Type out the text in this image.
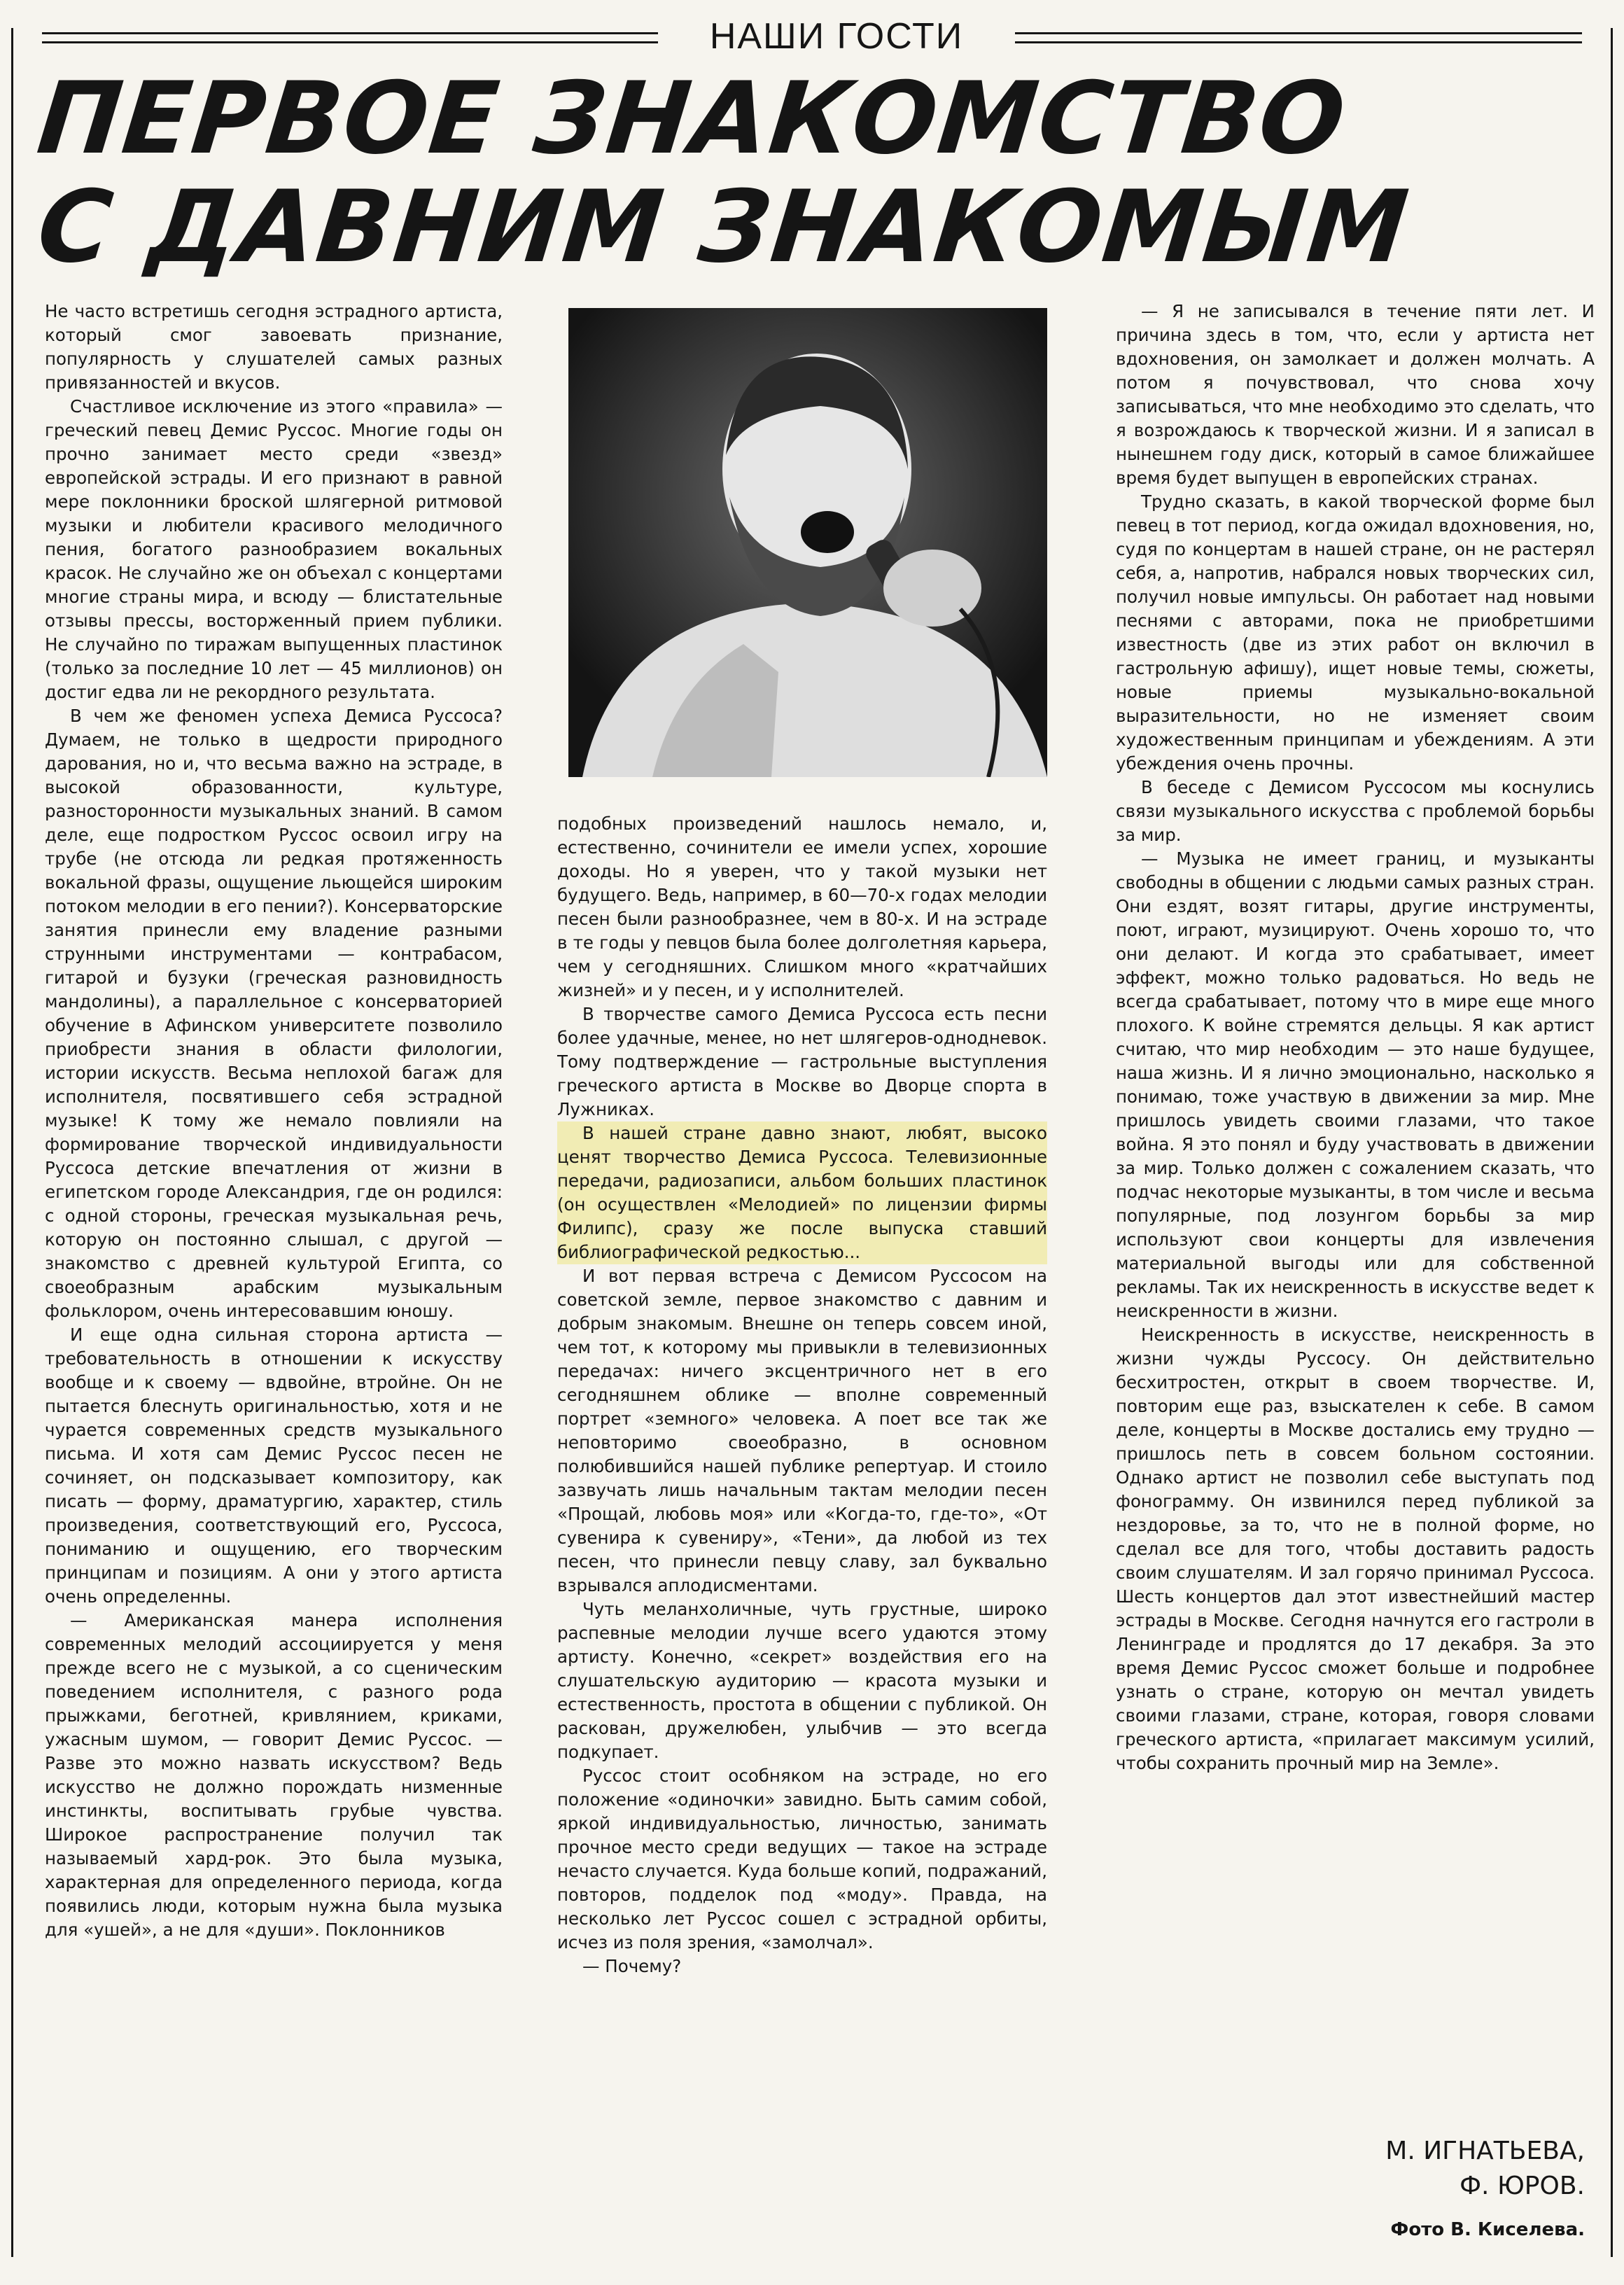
НАШИ ГОСТИ
ПЕРВОЕ ЗНАКОМСТВО
С ДАВНИМ ЗНАКОМЫМ

Не часто встретишь сегодня эстрадного артиста, который смог завоевать признание, популярность у слушателей самых разных привязанностей и вкусов.

Счастливое исключение из этого «правила» — греческий певец Демис Руссос. Многие годы он прочно занимает место среди «звезд» европейской эстрады. И его признают в равной мере поклонники броской шлягерной ритмовой музыки и любители красивого мелодичного пения, богатого разнообразием вокальных красок. Не случайно же он объехал с концертами многие страны мира, и всюду — блистательные отзывы прессы, восторженный прием публики. Не случайно по тиражам выпущенных пластинок (только за последние 10 лет — 45 миллионов) он достиг едва ли не рекордного результата.

В чем же феномен успеха Демиса Руссоса? Думаем, не только в щедрости природного дарования, но и, что весьма важно на эстраде, в высокой образованности, культуре, разносторонности музыкальных знаний. В самом деле, еще подростком Руссос освоил игру на трубе (не отсюда ли редкая протяженность вокальной фразы, ощущение льющейся широким потоком мелодии в его пении?). Консерваторские занятия принесли ему владение разными струнными инструментами — контрабасом, гитарой и бузуки (греческая разновидность мандолины), а параллельное с консерваторией обучение в Афинском университете позволило приобрести знания в области филологии, истории искусств. Весьма неплохой багаж для исполнителя, посвятившего себя эстрадной музыке! К тому же немало повлияли на формирование творческой индивидуальности Руссоса детские впечатления от жизни в египетском городе Александрия, где он родился: с одной стороны, греческая музыкальная речь, которую он постоянно слышал, с другой — знакомство с древней культурой Египта, со своеобразным арабским музыкальным фольклором, очень интересовавшим юношу.

И еще одна сильная сторона артиста — требовательность в отношении к искусству вообще и к своему — вдвойне, втройне. Он не пытается блеснуть оригинальностью, хотя и не чурается современных средств музыкального письма. И хотя сам Демис Руссос песен не сочиняет, он подсказывает композитору, как писать — форму, драматургию, характер, стиль произведения, соответствующий его, Руссоса, пониманию и ощущению, его творческим принципам и позициям. А они у этого артиста очень определенны.

— Американская манера исполнения современных мелодий ассоциируется у меня прежде всего не с музыкой, а со сценическим поведением исполнителя, с разного рода прыжками, беготней, кривлянием, криками, ужасным шумом, — говорит Демис Руссос. — Разве это можно назвать искусством? Ведь искусство не должно порождать низменные инстинкты, воспитывать грубые чувства. Широкое распространение получил так называемый хард-рок. Это была музыка, характерная для определенного периода, когда появились люди, которым нужна была музыка для «ушей», а не для «души». Поклонников

подобных произведений нашлось немало, и, естественно, сочинители ее имели успех, хорошие доходы. Но я уверен, что у такой музыки нет будущего. Ведь, например, в 60—70-х годах мелодии песен были разнообразнее, чем в 80-х. И на эстраде в те годы у певцов была более долголетняя карьера, чем у сегодняшних. Слишком много «кратчайших жизней» и у песен, и у исполнителей.

В творчестве самого Демиса Руссоса есть песни более удачные, менее, но нет шлягеров-однодневок. Тому подтверждение — гастрольные выступления греческого артиста в Москве во Дворце спорта в Лужниках.

В нашей стране давно знают, любят, высоко ценят творчество Демиса Руссоса. Телевизионные передачи, радиозаписи, альбом больших пластинок (он осуществлен «Мелодией» по лицензии фирмы Филипс), сразу же после выпуска ставший библиографической редкостью...

И вот первая встреча с Демисом Руссосом на советской земле, первое знакомство с давним и добрым знакомым. Внешне он теперь совсем иной, чем тот, к которому мы привыкли в телевизионных передачах: ничего эксцентричного нет в его сегодняшнем облике — вполне современный портрет «земного» человека. А поет все так же неповторимо своеобразно, в основном полюбившийся нашей публике репертуар. И стоило зазвучать лишь начальным тактам мелодии песен «Прощай, любовь моя» или «Когда-то, где-то», «От сувенира к сувениру», «Тени», да любой из тех песен, что принесли певцу славу, зал буквально взрывался аплодисментами.

Чуть меланхоличные, чуть грустные, широко распевные мелодии лучше всего удаются этому артисту. Конечно, «секрет» воздействия его на слушательскую аудиторию — красота музыки и естественность, простота в общении с публикой. Он раскован, дружелюбен, улыбчив — это всегда подкупает.

Руссос стоит особняком на эстраде, но его положение «одиночки» завидно. Быть самим собой, яркой индивидуальностью, личностью, занимать прочное место среди ведущих — такое на эстраде нечасто случается. Куда больше копий, подражаний, повторов, подделок под «моду». Правда, на несколько лет Руссос сошел с эстрадной орбиты, исчез из поля зрения, «замолчал».

— Почему?

— Я не записывался в течение пяти лет. И причина здесь в том, что, если у артиста нет вдохновения, он замолкает и должен молчать. А потом я почувствовал, что снова хочу записываться, что мне необходимо это сделать, что я возрождаюсь к творческой жизни. И я записал в нынешнем году диск, который в самое ближайшее время будет выпущен в европейских странах.

Трудно сказать, в какой творческой форме был певец в тот период, когда ожидал вдохновения, но, судя по концертам в нашей стране, он не растерял себя, а, напротив, набрался новых творческих сил, получил новые импульсы. Он работает над новыми песнями с авторами, пока не приобретшими известность (две из этих работ он включил в гастрольную афишу), ищет новые темы, сюжеты, новые приемы музыкально-вокальной выразительности, но не изменяет своим художественным принципам и убеждениям. А эти убеждения очень прочны.

В беседе с Демисом Руссосом мы коснулись связи музыкального искусства с проблемой борьбы за мир.

— Музыка не имеет границ, и музыканты свободны в общении с людьми самых разных стран. Они ездят, возят гитары, другие инструменты, поют, играют, музицируют. Очень хорошо то, что они делают. И когда это срабатывает, имеет эффект, можно только радоваться. Но ведь не всегда срабатывает, потому что в мире еще много плохого. К войне стремятся дельцы. Я как артист считаю, что мир необходим — это наше будущее, наша жизнь. И я лично эмоционально, насколько я понимаю, тоже участвую в движении за мир. Мне пришлось увидеть своими глазами, что такое война. Я это понял и буду участвовать в движении за мир. Только должен с сожалением сказать, что подчас некоторые музыканты, в том числе и весьма популярные, под лозунгом борьбы за мир используют свои концерты для извлечения материальной выгоды или для собственной рекламы. Так их неискренность в искусстве ведет к неискренности в жизни.

Неискренность в искусстве, неискренность в жизни чужды Руссосу. Он действительно бесхитростен, открыт в своем творчестве. И, повторим еще раз, взыскателен к себе. В самом деле, концерты в Москве достались ему трудно — пришлось петь в совсем больном состоянии. Однако артист не позволил себе выступать под фонограмму. Он извинился перед публикой за нездоровье, за то, что не в полной форме, но сделал все для того, чтобы доставить радость своим слушателям. И зал горячо принимал Руссоса. Шесть концертов дал этот известнейший мастер эстрады в Москве. Сегодня начнутся его гастроли в Ленинграде и продлятся до 17 декабря. За это время Демис Руссос сможет больше и подробнее узнать о стране, которую он мечтал увидеть своими глазами, стране, которая, говоря словами греческого артиста, «прилагает максимум усилий, чтобы сохранить прочный мир на Земле».

М. ИГНАТЬЕВА,
Ф. ЮРОВ.
Фото В. Киселева.
